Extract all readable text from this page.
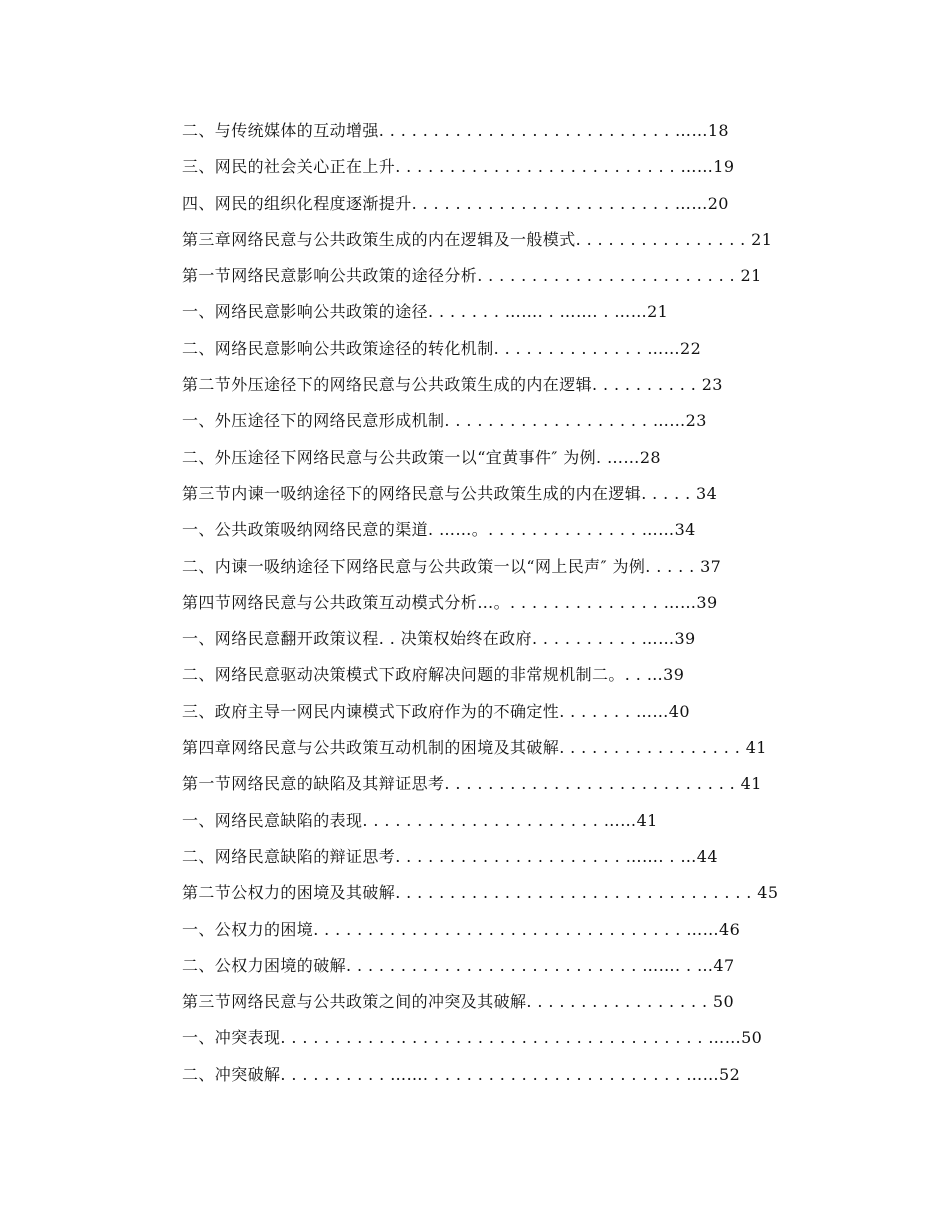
二、与传统媒体的互动增强. . . . . . . . . . . . . . . . . . . . . . . . . . . ……18
三、网民的社会关心正在上升. . . . . . . . . . . . . . . . . . . . . . . . . . ……19
四、网民的组织化程度逐渐提升. . . . . . . . . . . . . . . . . . . . . . . . ……20
第三章网络民意与公共政策生成的内在逻辑及一般模式. . . . . . . . . . . . . . . . 21
第一节网络民意影响公共政策的途径分析. . . . . . . . . . . . . . . . . . . . . . . . 21
一、网络民意影响公共政策的途径. . . . . . . ……. . ……. . ……21
二、网络民意影响公共政策途径的转化机制. . . . . . . . . . . . . . ……22
第二节外压途径下的网络民意与公共政策生成的内在逻辑. . . . . . . . . . 23
一、外压途径下的网络民意形成机制. . . . . . . . . . . . . . . . . . . ……23
二、外压途径下网络民意与公共政策一以“宜黄事件″ 为例. ……28
第三节内谏一吸纳途径下的网络民意与公共政策生成的内在逻辑. . . . . 34
一、公共政策吸纳网络民意的渠道. ……。. . . . . . . . . . . . . . ……34
二、内谏一吸纳途径下网络民意与公共政策一以“网上民声″ 为例. . . . . 37
第四节网络民意与公共政策互动模式分析…。. . . . . . . . . . . . . . ……39
一、网络民意翻开政策议程. . 决策权始终在政府. . . . . . . . . . ……39
二、网络民意驱动决策模式下政府解决问题的非常规机制二。. . …39
三、政府主导一网民内谏模式下政府作为的不确定性. . . . . . . ……40
第四章网络民意与公共政策互动机制的困境及其破解. . . . . . . . . . . . . . . . . 41
第一节网络民意的缺陷及其辩证思考. . . . . . . . . . . . . . . . . . . . . . . . . . . 41
一、网络民意缺陷的表现. . . . . . . . . . . . . . . . . . . . . . ……41
二、网络民意缺陷的辩证思考. . . . . . . . . . . . . . . . . . . . . ……. . …44
第二节公权力的困境及其破解. . . . . . . . . . . . . . . . . . . . . . . . . . . . . . . . . 45
一、公权力的困境. . . . . . . . . . . . . . . . . . . . . . . . . . . . . . . . . . ……46
二、公权力困境的破解. . . . . . . . . . . . . . . . . . . . . . . . . . . ……. . …47
第三节网络民意与公共政策之间的冲突及其破解. . . . . . . . . . . . . . . . . 50
一、冲突表现. . . . . . . . . . . . . . . . . . . . . . . . . . . . . . . . . . . . . . . ……50
二、冲突破解. . . . . . . . . . ……. . . . . . . . . . . . . . . . . . . . . . . . ……52
